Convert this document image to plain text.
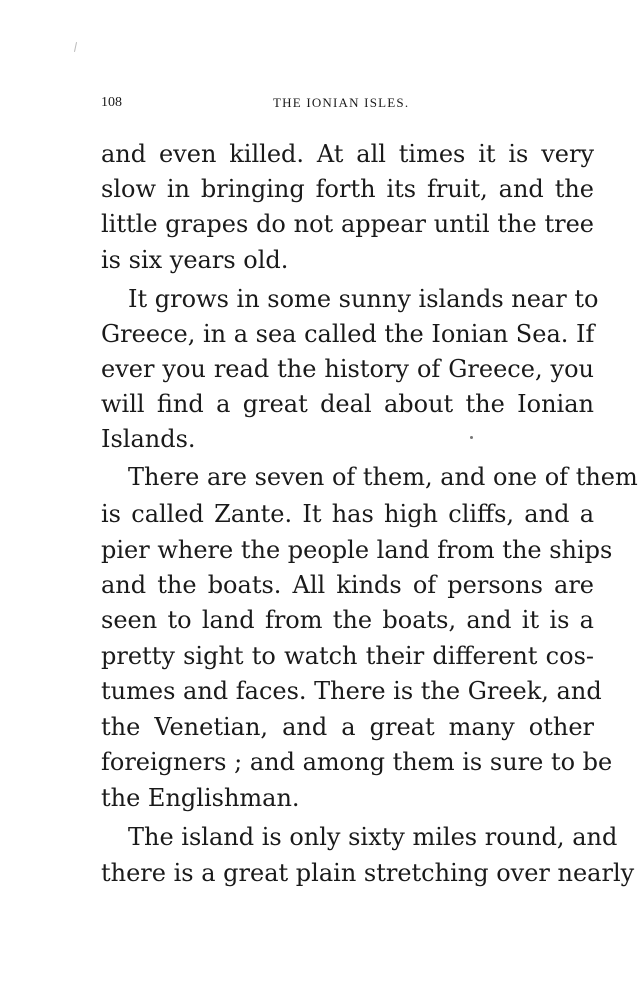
108	THE IONIAN ISLES.
and even killed. At all times it is very
slow in bringing forth its fruit, and the
little grapes do not appear until the tree
is six years old.
It grows in some sunny islands near to
Greece, in a sea called the Ionian Sea. If
ever you read the history of Greece, you
will find a great deal about the Ionian
Islands.
There are seven of them, and one of them
is called Zante. It has high cliffs, and a
pier where the people land from the ships
and the boats. All kinds of persons are
seen to land from the boats, and it is a
pretty sight to watch their different cos-
tumes and faces. There is the Greek, and
the Venetian, and a great many other
foreigners ; and among them is sure to be
the Englishman.
The island is only sixty miles round, and
there is a great plain stretching over nearly
